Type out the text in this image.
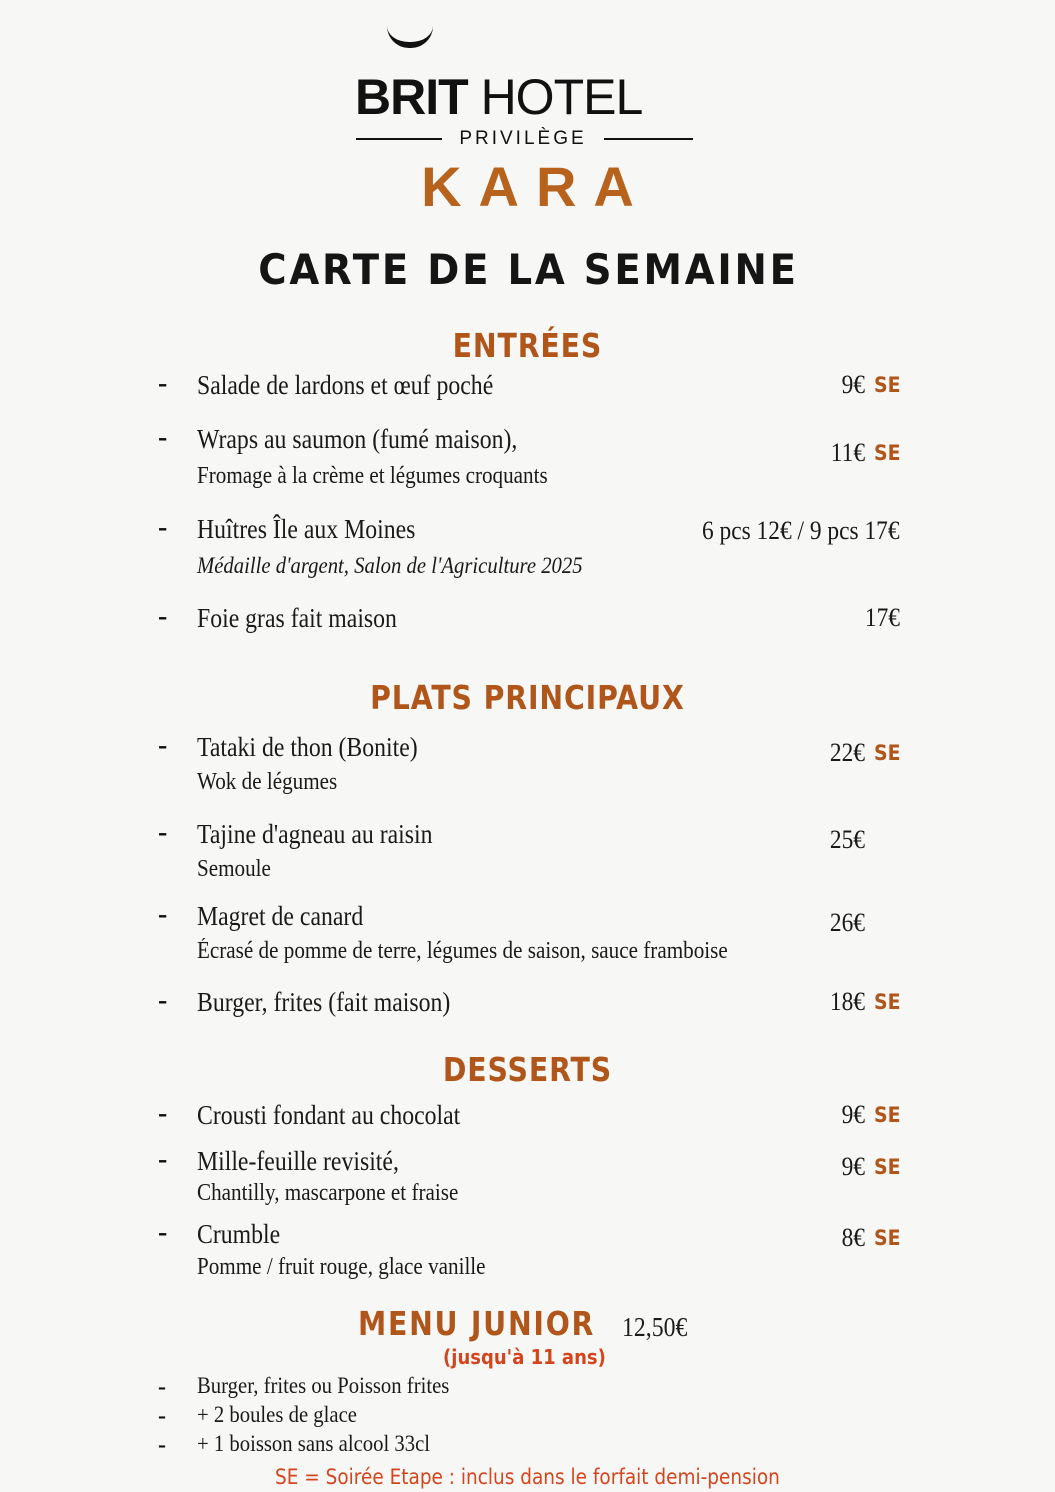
BRIT HOTEL
PRIVILÈGE
KARA
CARTE DE LA SEMAINE
ENTRÉES
- Salade de lardons et œuf poché	9€ SE
- Wraps au saumon (fumé maison),
Fromage à la crème et légumes croquants
11€ SE
- Huîtres Île aux Moines
Médaille d'argent, Salon de l'Agriculture 2025
6 pcs 12€ / 9 pcs 17€
- Foie gras fait maison	17€
PLATS PRINCIPAUX
- Tataki de thon (Bonite)
Wok de légumes
22€ SE
- Tajine d'agneau au raisin
Semoule
25€
- Magret de canard
Écrasé de pomme de terre, légumes de saison, sauce framboise
26€
- Burger, frites (fait maison)	18€ SE
DESSERTS
- Crousti fondant au chocolat	9€ SE
- Mille-feuille revisité,
Chantilly, mascarpone et fraise
9€ SE
- Crumble
Pomme / fruit rouge, glace vanille
8€ SE
MENU JUNIOR 12,50€
(jusqu'à 11 ans)
- Burger, frites ou Poisson frites
- + 2 boules de glace
- + 1 boisson sans alcool 33cl
SE = Soirée Etape : inclus dans le forfait demi-pension
